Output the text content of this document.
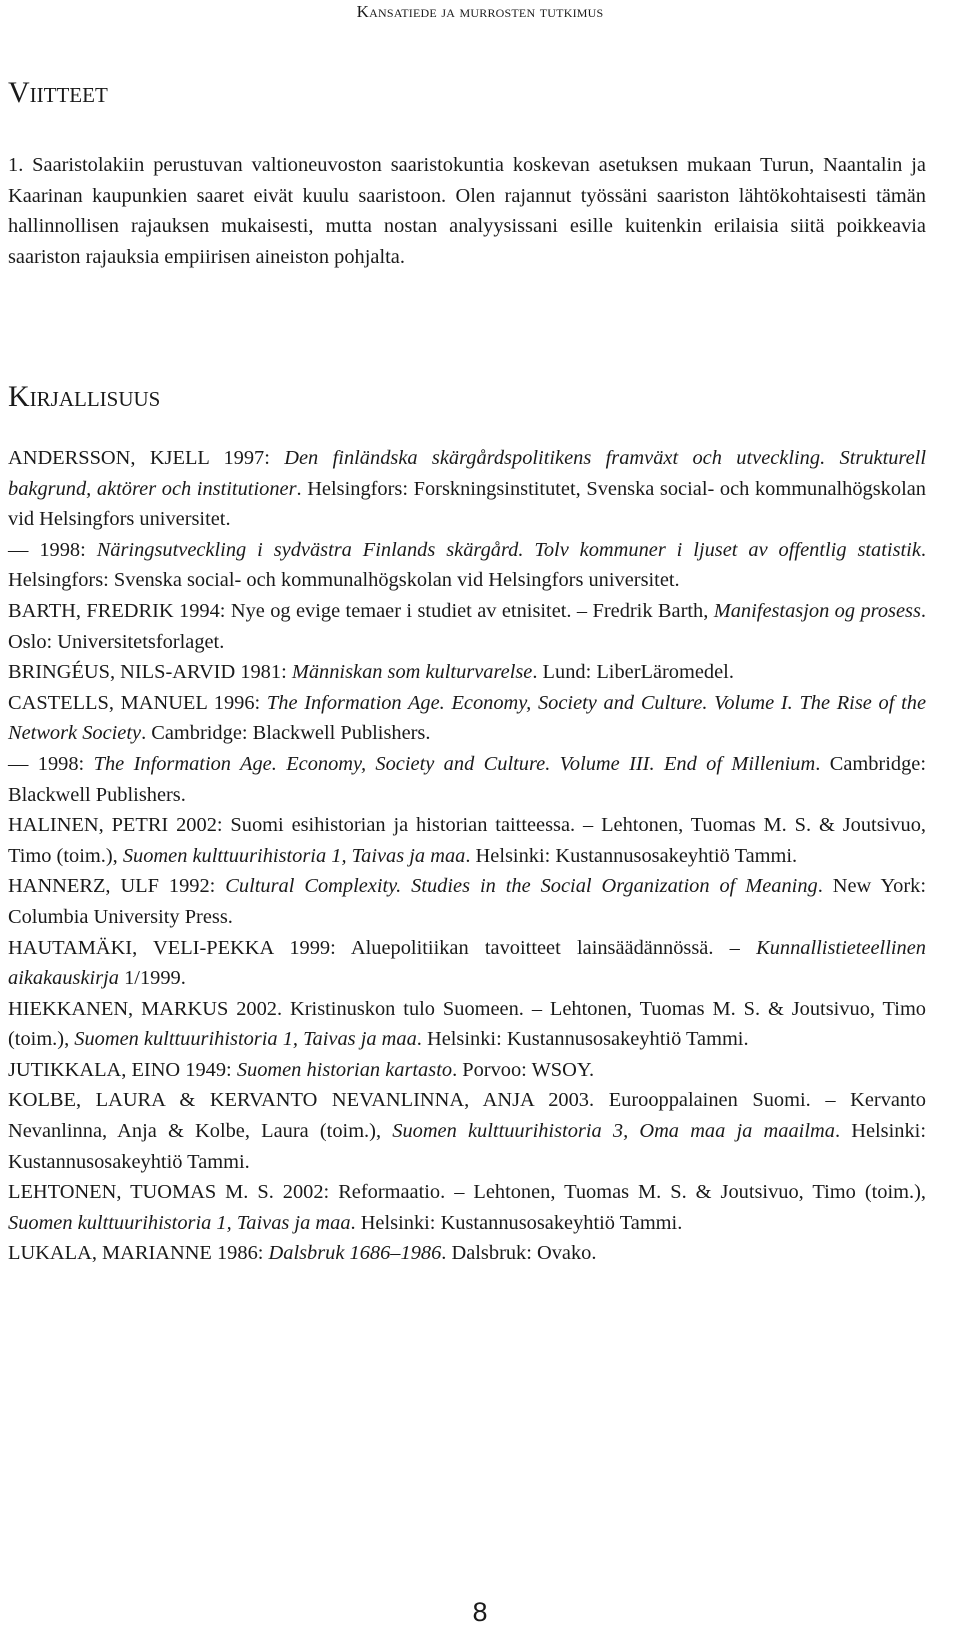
Kansatiede ja murrosten tutkimus
Viitteet

1. Saaristolakiin perustuvan valtioneuvoston saaristokuntia koskevan asetuksen mukaan Turun, Naantalin ja Kaarinan kaupunkien saaret eivät kuulu saaristoon. Olen rajannut työssäni saariston lähtökohtaisesti tämän hallinnollisen rajauksen mukaisesti, mutta nostan analyysissani esille kuitenkin erilaisia siitä poikkeavia saariston rajauksia empiirisen aineiston pohjalta.

Kirjallisuus

ANDERSSON, KJELL 1997: Den finländska skärgårdspolitikens framväxt och utveckling. Strukturell bakgrund, aktörer och institutioner. Helsingfors: Forskningsinstitutet, Svenska social- och kommunalhögskolan vid Helsingfors universitet.

— 1998: Näringsutveckling i sydvästra Finlands skärgård. Tolv kommuner i ljuset av offentlig statistik. Helsingfors: Svenska social- och kommunalhögskolan vid Helsingfors universitet.

BARTH, FREDRIK 1994: Nye og evige temaer i studiet av etnisitet. – Fredrik Barth, Manifestasjon og prosess. Oslo: Universitetsforlaget.

BRINGÉUS, NILS-ARVID 1981: Människan som kulturvarelse. Lund: LiberLäromedel.

CASTELLS, MANUEL 1996: The Information Age. Economy, Society and Culture. Volume I. The Rise of the Network Society. Cambridge: Blackwell Publishers.

— 1998: The Information Age. Economy, Society and Culture. Volume III. End of Millenium. Cambridge: Blackwell Publishers.

HALINEN, PETRI 2002: Suomi esihistorian ja historian taitteessa. – Lehtonen, Tuomas M. S. & Joutsivuo, Timo (toim.), Suomen kulttuurihistoria 1, Taivas ja maa. Helsinki: Kustannusosakeyhtiö Tammi.

HANNERZ, ULF 1992: Cultural Complexity. Studies in the Social Organization of Meaning. New York: Columbia University Press.

HAUTAMÄKI, VELI-PEKKA 1999: Aluepolitiikan tavoitteet lainsäädännössä. – Kunnallistieteellinen aikakauskirja 1/1999.

HIEKKANEN, MARKUS 2002. Kristinuskon tulo Suomeen. – Lehtonen, Tuomas M. S. & Joutsivuo, Timo (toim.), Suomen kulttuurihistoria 1, Taivas ja maa. Helsinki: Kustannusosakeyhtiö Tammi.

JUTIKKALA, EINO 1949: Suomen historian kartasto. Porvoo: WSOY.

KOLBE, LAURA & KERVANTO NEVANLINNA, ANJA 2003. Eurooppalainen Suomi. – Kervanto Nevanlinna, Anja & Kolbe, Laura (toim.), Suomen kulttuurihistoria 3, Oma maa ja maailma. Helsinki: Kustannusosakeyhtiö Tammi.

LEHTONEN, TUOMAS M. S. 2002: Reformaatio. – Lehtonen, Tuomas M. S. & Joutsivuo, Timo (toim.), Suomen kulttuurihistoria 1, Taivas ja maa. Helsinki: Kustannusosakeyhtiö Tammi.

LUKALA, MARIANNE 1986: Dalsbruk 1686–1986. Dalsbruk: Ovako.

8
